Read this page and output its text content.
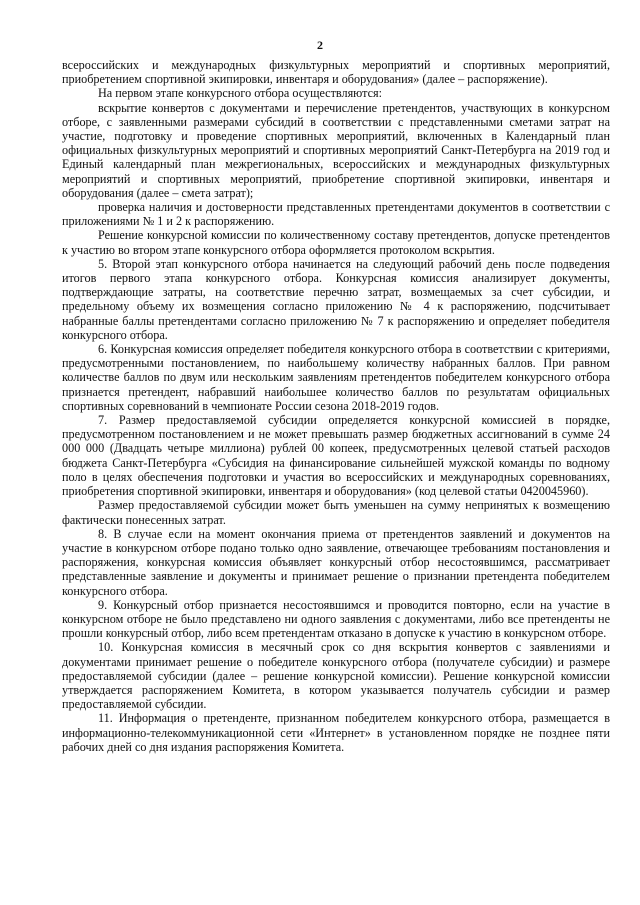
2

всероссийских и международных физкультурных мероприятий и спортивных мероприятий, приобретением спортивной экипировки, инвентаря и оборудования» (далее – распоряжение).

На первом этапе конкурсного отбора осуществляются:

вскрытие конвертов с документами и перечисление претендентов, участвующих в конкурсном отборе, с заявленными размерами субсидий в соответствии с представленными сметами затрат на участие, подготовку и проведение спортивных мероприятий, включенных в Календарный план официальных физкультурных мероприятий и спортивных мероприятий Санкт-Петербурга на 2019 год и Единый календарный план межрегиональных, всероссийских и международных физкультурных мероприятий и спортивных мероприятий, приобретение спортивной экипировки, инвентаря и оборудования (далее – смета затрат);

проверка наличия и достоверности представленных претендентами документов в соответствии с приложениями № 1 и 2 к распоряжению.

Решение конкурсной комиссии по количественному составу претендентов, допуске претендентов к участию во втором этапе конкурсного отбора оформляется протоколом вскрытия.

5. Второй этап конкурсного отбора начинается на следующий рабочий день после подведения итогов первого этапа конкурсного отбора. Конкурсная комиссия анализирует документы, подтверждающие затраты, на соответствие перечню затрат, возмещаемых за счет субсидии, и предельному объему их возмещения согласно приложению № 4 к распоряжению, подсчитывает набранные баллы претендентами согласно приложению № 7 к распоряжению и определяет победителя конкурсного отбора.

6. Конкурсная комиссия определяет победителя конкурсного отбора в соответствии с критериями, предусмотренными постановлением, по наибольшему количеству набранных баллов. При равном количестве баллов по двум или нескольким заявлениям претендентов победителем конкурсного отбора признается претендент, набравший наибольшее количество баллов по результатам официальных спортивных соревнований в чемпионате России сезона 2018-2019 годов.

7. Размер предоставляемой субсидии определяется конкурсной комиссией в порядке, предусмотренном постановлением и не может превышать размер бюджетных ассигнований в сумме 24 000 000 (Двадцать четыре миллиона) рублей 00 копеек, предусмотренных целевой статьей расходов бюджета Санкт-Петербурга «Субсидия на финансирование сильнейшей мужской команды по водному поло в целях обеспечения подготовки и участия во всероссийских и международных соревнованиях, приобретения спортивной экипировки, инвентаря и оборудования» (код целевой статьи 0420045960).

Размер предоставляемой субсидии может быть уменьшен на сумму непринятых к возмещению фактически понесенных затрат.

8. В случае если на момент окончания приема от претендентов заявлений и документов на участие в конкурсном отборе подано только одно заявление, отвечающее требованиям постановления и распоряжения, конкурсная комиссия объявляет конкурсный отбор несостоявшимся, рассматривает представленные заявление и документы и принимает решение о признании претендента победителем конкурсного отбора.

9. Конкурсный отбор признается несостоявшимся и проводится повторно, если на участие в конкурсном отборе не было представлено ни одного заявления с документами, либо все претенденты не прошли конкурсный отбор, либо всем претендентам отказано в допуске к участию в конкурсном отборе.

10. Конкурсная комиссия в месячный срок со дня вскрытия конвертов с заявлениями и документами принимает решение о победителе конкурсного отбора (получателе субсидии) и размере предоставляемой субсидии (далее – решение конкурсной комиссии). Решение конкурсной комиссии утверждается распоряжением Комитета, в котором указывается получатель субсидии и размер предоставляемой субсидии.

11. Информация о претенденте, признанном победителем конкурсного отбора, размещается в информационно-телекоммуникационной сети «Интернет» в установленном порядке не позднее пяти рабочих дней со дня издания распоряжения Комитета.
